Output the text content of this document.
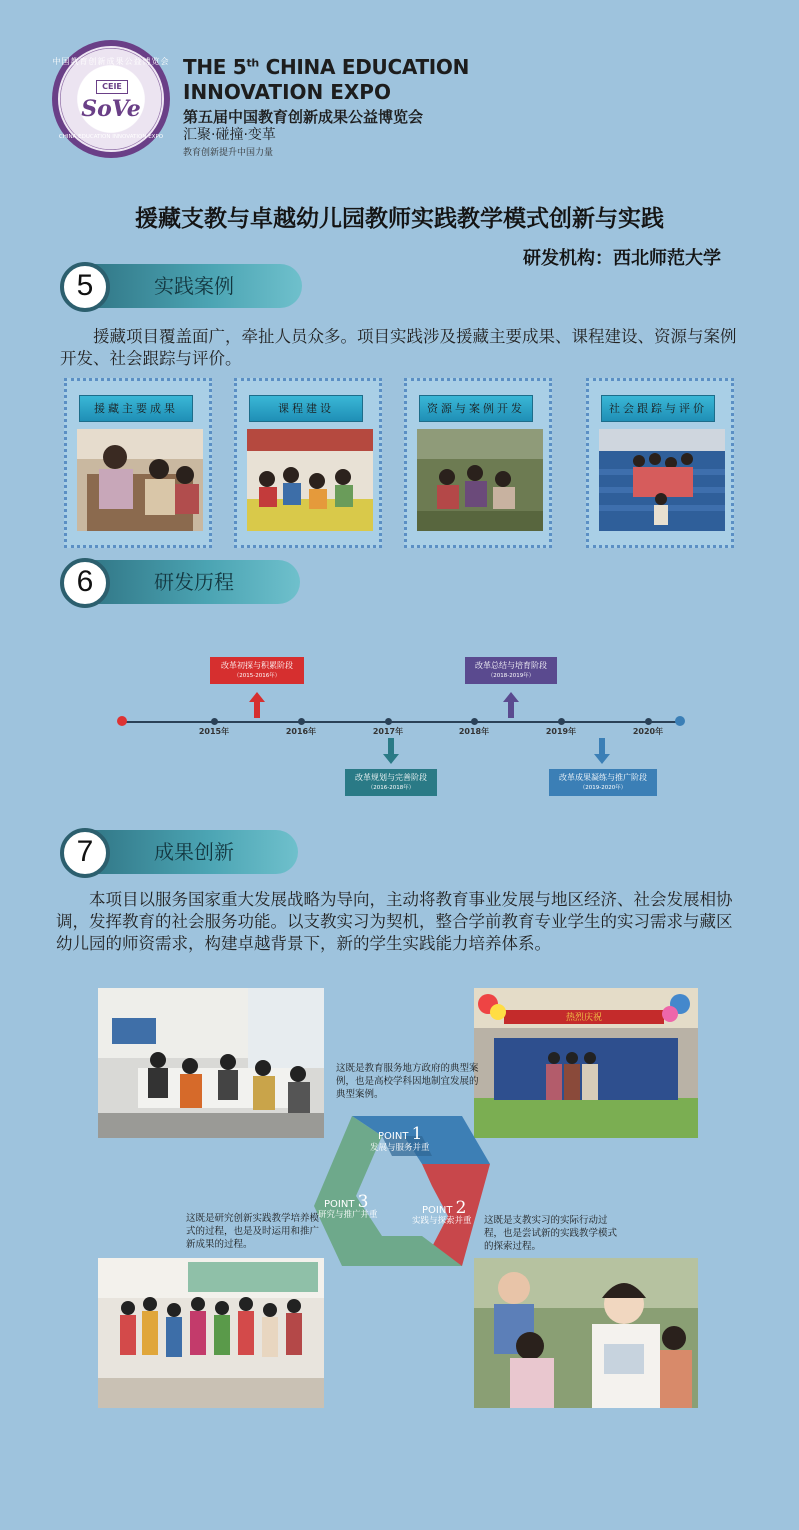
中国教育创新成果公益博览会
CEIE
SoVe
CHINA EDUCATION INNOVATION EXPO
THE 5th CHINA EDUCATION
INNOVATION EXPO
第五届中国教育创新成果公益博览会
汇聚·碰撞·变革
教育创新提升中国力量
援藏支教与卓越幼儿园教师实践教学模式创新与实践
研发机构：西北师范大学
实践案例
5
援藏项目覆盖面广，牵扯人员众多。项目实践涉及援藏主要成果、课程建设、资源与案例开发、社会跟踪与评价。
援藏主要成果	课程建设	资源与案例开发	社会跟踪与评价
研发历程
6
2015年	2016年	2017年	2018年	2019年	2020年
改革初探与积累阶段
（2015-2016年）
改革总结与培育阶段
（2018-2019年）
改革规划与完善阶段
（2016-2018年）
改革成果凝练与推广阶段
（2019-2020年）
成果创新
7
本项目以服务国家重大发展战略为导向，主动将教育事业发展与地区经济、社会发展相协调，发挥教育的社会服务功能。以支教实习为契机，整合学前教育专业学生的实习需求与藏区幼儿园的师资需求，构建卓越背景下，新的学生实践能力培养体系。
热烈庆祝
这既是教育服务地方政府的典型案例，也是高校学科因地制宜发展的典型案例。
这既是研究创新实践教学培养模式的过程，也是及时运用和推广新成果的过程。
这既是支教实习的实际行动过程，也是尝试新的实践教学模式的探索过程。
POINT 1
发展与服务并重
POINT 2
实践与探索并重
POINT 3
研究与推广并重
